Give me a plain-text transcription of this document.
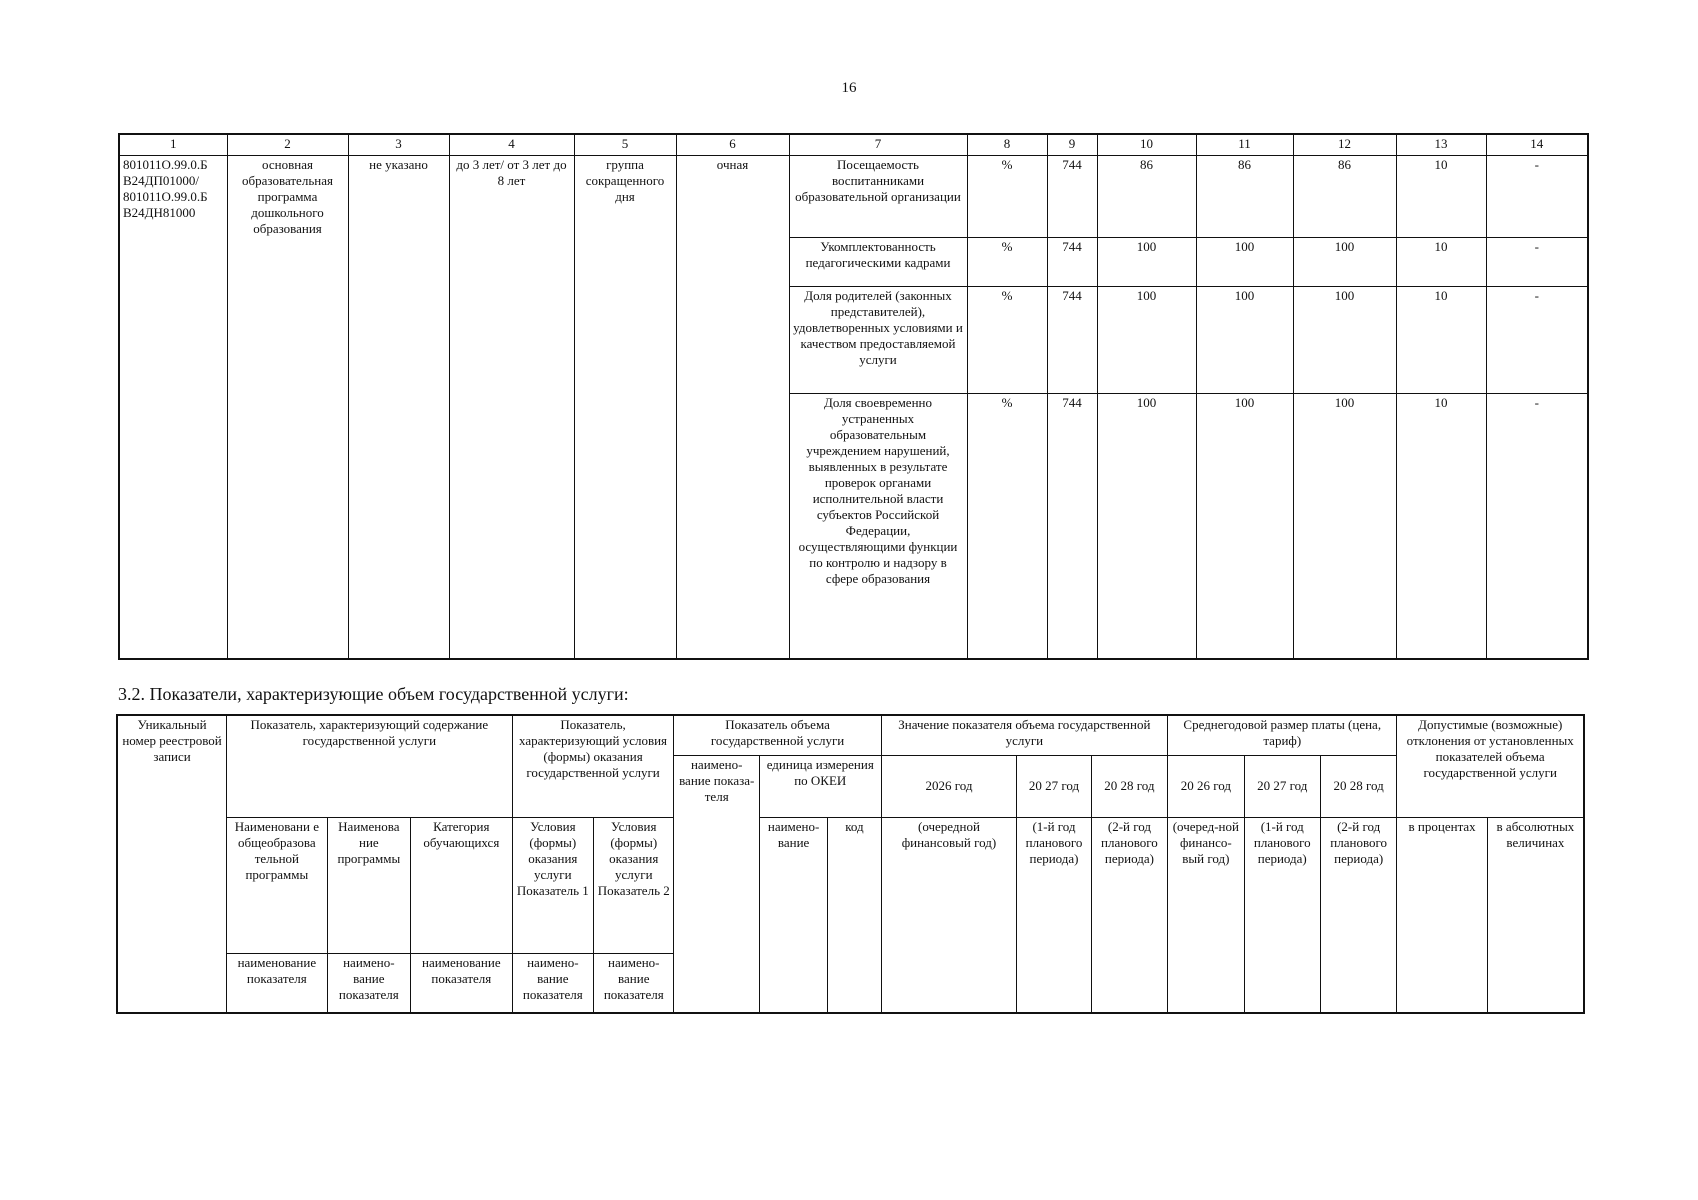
16
1	2	3	4	5	6	7	8	9	10	11	12	13	14
801011О.99.0.Б В24ДП01000/ 801011О.99.0.Б В24ДН81000	основная образовательная программа дошкольного образования	не указано	до 3 лет/ от 3 лет до 8 лет	группа сокращенного дня	очная	Посещаемость воспитанниками образовательной организации	%	744	86	86	86	10	-
						Укомплектованность педагогическими кадрами	%	744	100	100	100	10	-
						Доля родителей (законных представителей), удовлетворенных условиями и качеством предоставляемой услуги	%	744	100	100	100	10	-
						Доля своевременно устраненных образовательным учреждением нарушений, выявленных в результате проверок органами исполнительной власти субъектов Российской Федерации, осуществляющими функции по контролю и надзору в сфере образования	%	744	100	100	100	10	-
3.2. Показатели, характеризующие объем государственной услуги:
Уникальный номер реестровой записи	Показатель, характеризующий содержание государственной услуги			Показатель, характеризующий условия (формы) оказания государственной услуги		Показатель объема государственной услуги			Значение показателя объема государственной услуги			Среднегодовой размер платы (цена, тариф)			Допустимые (возможные) отклонения от установленных показателей объема государственной услуги	
						наимено-вание показа-теля	единица измерения по ОКЕИ		2026 год	20 27 год	20 28 год	20 26 год	20 27 год	20 28 год		
	Наименовани е общеобразова тельной программы	Наименова ние программы	Категория обучающихся	Условия (формы) оказания услуги Показатель 1	Условия (формы) оказания услуги Показатель 2		наимено-вание	код	(очередной финансовый год)	(1-й год планового периода)	(2-й год планового периода)	(очеред-ной финансо-вый год)	(1-й год планового периода)	(2-й год планового периода)	в процентах	в абсолютных величинах
	наименование показателя	наимено-вание показателя	наименование показателя	наимено-вание показателя	наимено-вание показателя											
